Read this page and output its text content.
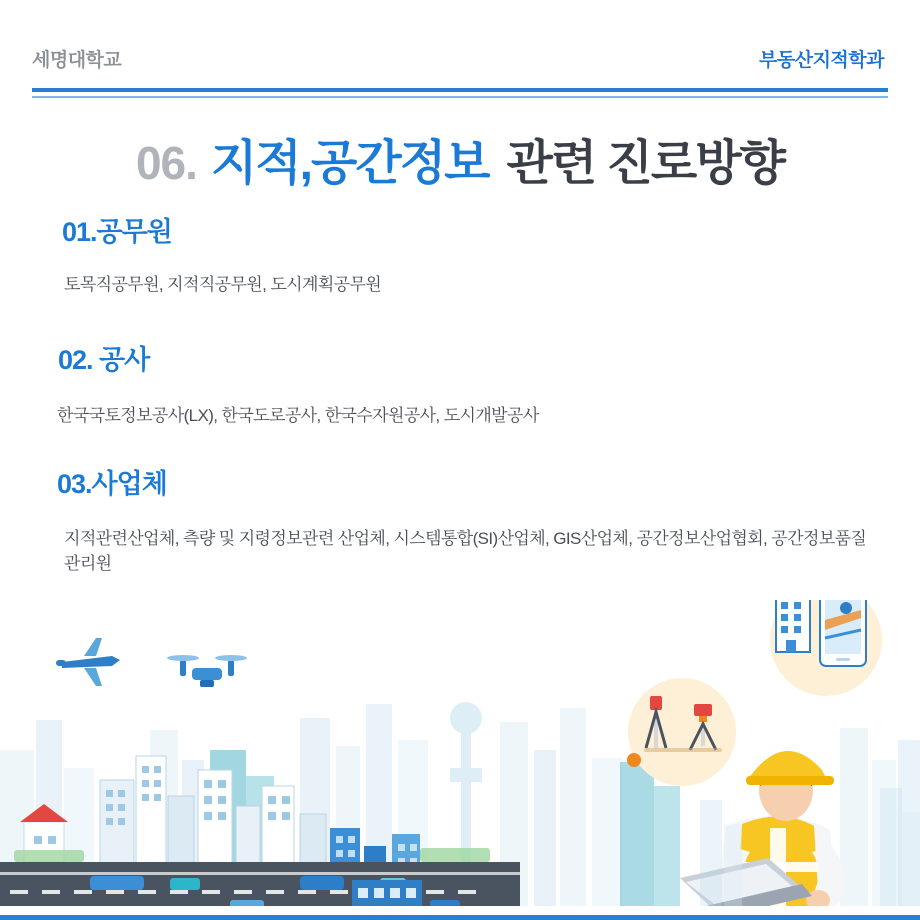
세명대학교	부동산지적학과
06. 지적,공간정보 관련 진로방향
01.공무원
토목직공무원, 지적직공무원, 도시계획공무원
02. 공사
한국국토정보공사(LX), 한국도로공사, 한국수자원공사, 도시개발공사
03.사업체
지적관련산업체, 측량 및 지령정보관련 산업체, 시스템통합(SI)산업체, GIS산업체, 공간정보산업협회, 공간정보품질관리원
